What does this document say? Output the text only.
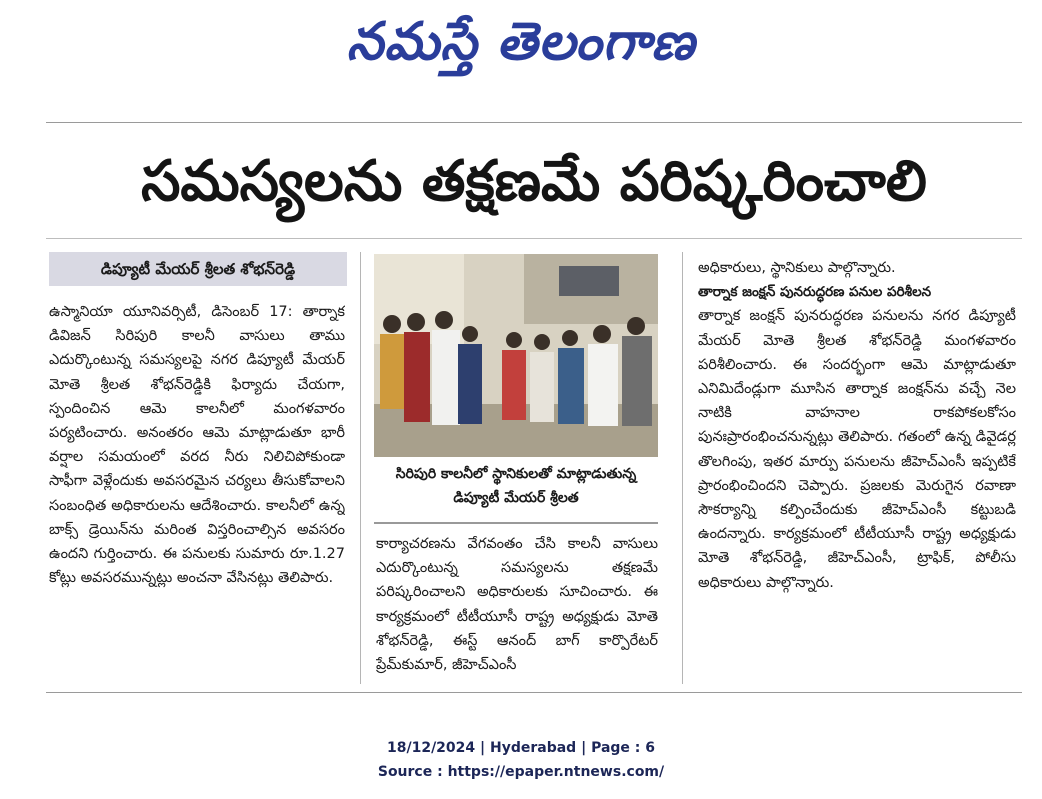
నమస్తే తెలంగాణ
సమస్యలను తక్షణమే పరిష్కరించాలి
డిప్యూటీ మేయర్ శ్రీలత శోభన్‌రెడ్డి

ఉస్మానియా యూనివర్సిటీ, డిసెంబర్ 17: తార్నాక డివిజన్ సిరిపురి కాలనీ వాసులు తాము ఎదుర్కొంటున్న సమస్యలపై నగర డిప్యూటీ మేయర్ మోతె శ్రీలత శోభన్‌రెడ్డికి ఫిర్యాదు చేయగా, స్పందించిన ఆమె కాలనీలో మంగళవారం పర్యటించారు. అనంతరం ఆమె మాట్లాడుతూ భారీ వర్షాల సమయంలో వరద నీరు నిలిచిపోకుండా సాఫీగా వెళ్లేందుకు అవసరమైన చర్యలు తీసుకోవాలని సంబంధిత అధికారులను ఆదేశించారు. కాలనీలో ఉన్న బాక్స్ డ్రెయిన్‌ను మరింత విస్తరించాల్సిన అవసరం ఉందని గుర్తించారు. ఈ పనులకు సుమారు రూ.1.27 కోట్లు అవసరమున్నట్లు అంచనా వేసినట్లు తెలిపారు.

సిరిపురి కాలనీలో స్థానికులతో మాట్లాడుతున్న డిప్యూటీ మేయర్ శ్రీలత

కార్యాచరణను వేగవంతం చేసి కాలనీ వాసులు ఎదుర్కొంటున్న సమస్యలను తక్షణమే పరిష్కరించాలని అధికారులకు సూచించారు. ఈ కార్యక్రమంలో టీటీయూసీ రాష్ట్ర అధ్యక్షుడు మోతె శోభన్‌రెడ్డి, ఈస్ట్ ఆనంద్ బాగ్ కార్పొరేటర్ ప్రేమ్‌కుమార్, జీహెచ్‌ఎంసీ

అధికారులు, స్థానికులు పాల్గొన్నారు.

తార్నాక జంక్షన్ పునరుద్ధరణ పనుల పరిశీలన

తార్నాక జంక్షన్ పునరుద్ధరణ పనులను నగర డిప్యూటీ మేయర్ మోతె శ్రీలత శోభన్‌రెడ్డి మంగళవారం పరిశీలించారు. ఈ సందర్భంగా ఆమె మాట్లాడుతూ ఎనిమిదేండ్లుగా మూసిన తార్నాక జంక్షన్‌ను వచ్చే నెల నాటికి వాహనాల రాకపోకలకోసం పునఃప్రారంభించనున్నట్లు తెలిపారు. గతంలో ఉన్న డివైడర్ల తొలగింపు, ఇతర మార్పు పనులను జీహెచ్‌ఎంసీ ఇప్పటికే ప్రారంభించిందని చెప్పారు. ప్రజలకు మెరుగైన రవాణా సౌకర్యాన్ని కల్పించేందుకు జీహెచ్‌ఎంసీ కట్టుబడి ఉందన్నారు. కార్యక్రమంలో టీటీయూసీ రాష్ట్ర అధ్యక్షుడు మోతె శోభన్‌రెడ్డి, జీహెచ్‌ఎంసీ, ట్రాఫిక్, పోలీసు అధికారులు పాల్గొన్నారు.

18/12/2024 | Hyderabad | Page : 6
Source : https://epaper.ntnews.com/
